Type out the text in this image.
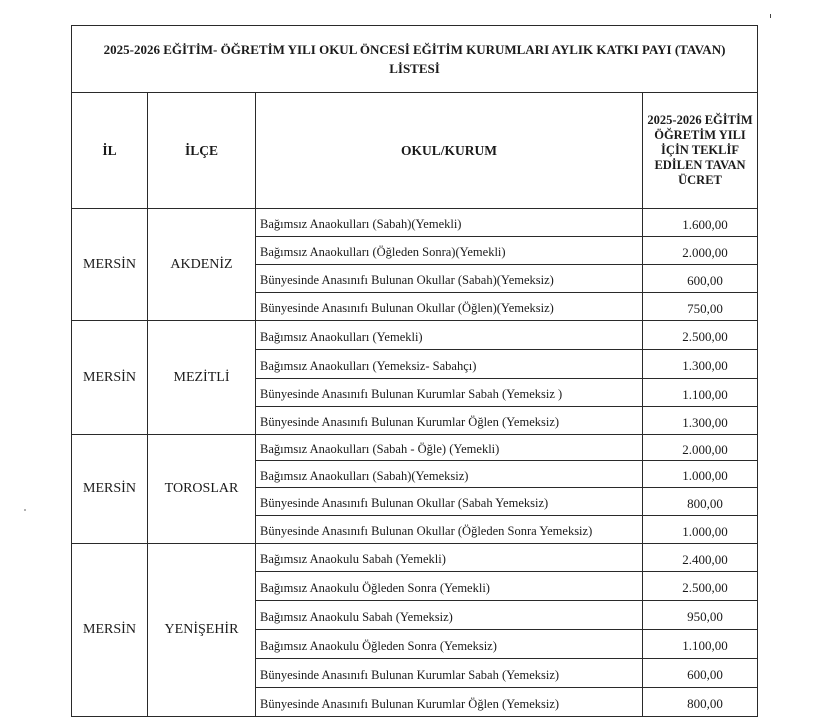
2025-2026 EĞİTİM- ÖĞRETİM YILI OKUL ÖNCESİ EĞİTİM KURUMLARI AYLIK KATKI PAYI (TAVAN) LİSTESİ			
İL	İLÇE	OKUL/KURUM	2025-2026 EĞİTİM ÖĞRETİM YILI İÇİN TEKLİF EDİLEN TAVAN ÜCRET
MERSİN	AKDENİZ	Bağımsız Anaokulları (Sabah)(Yemekli)	1.600,00
		Bağımsız Anaokulları (Öğleden Sonra)(Yemekli)	2.000,00
		Bünyesinde Anasınıfı Bulunan Okullar (Sabah)(Yemeksiz)	600,00
		Bünyesinde Anasınıfı Bulunan Okullar (Öğlen)(Yemeksiz)	750,00
MERSİN	MEZİTLİ	Bağımsız Anaokulları (Yemekli)	2.500,00
		Bağımsız Anaokulları (Yemeksiz- Sabahçı)	1.300,00
		Bünyesinde Anasınıfı Bulunan Kurumlar Sabah (Yemeksiz )	1.100,00
		Bünyesinde Anasınıfı Bulunan Kurumlar Öğlen (Yemeksiz)	1.300,00
MERSİN	TOROSLAR	Bağımsız Anaokulları (Sabah - Öğle) (Yemekli)	2.000,00
		Bağımsız Anaokulları (Sabah)(Yemeksiz)	1.000,00
		Bünyesinde Anasınıfı Bulunan Okullar (Sabah Yemeksiz)	800,00
		Bünyesinde Anasınıfı Bulunan Okullar (Öğleden Sonra Yemeksiz)	1.000,00
MERSİN	YENİŞEHİR	Bağımsız Anaokulu Sabah (Yemekli)	2.400,00
		Bağımsız Anaokulu Öğleden Sonra (Yemekli)	2.500,00
		Bağımsız Anaokulu Sabah (Yemeksiz)	950,00
		Bağımsız Anaokulu Öğleden Sonra (Yemeksiz)	1.100,00
		Bünyesinde Anasınıfı Bulunan Kurumlar Sabah (Yemeksiz)	600,00
		Bünyesinde Anasınıfı Bulunan Kurumlar Öğlen (Yemeksiz)	800,00
